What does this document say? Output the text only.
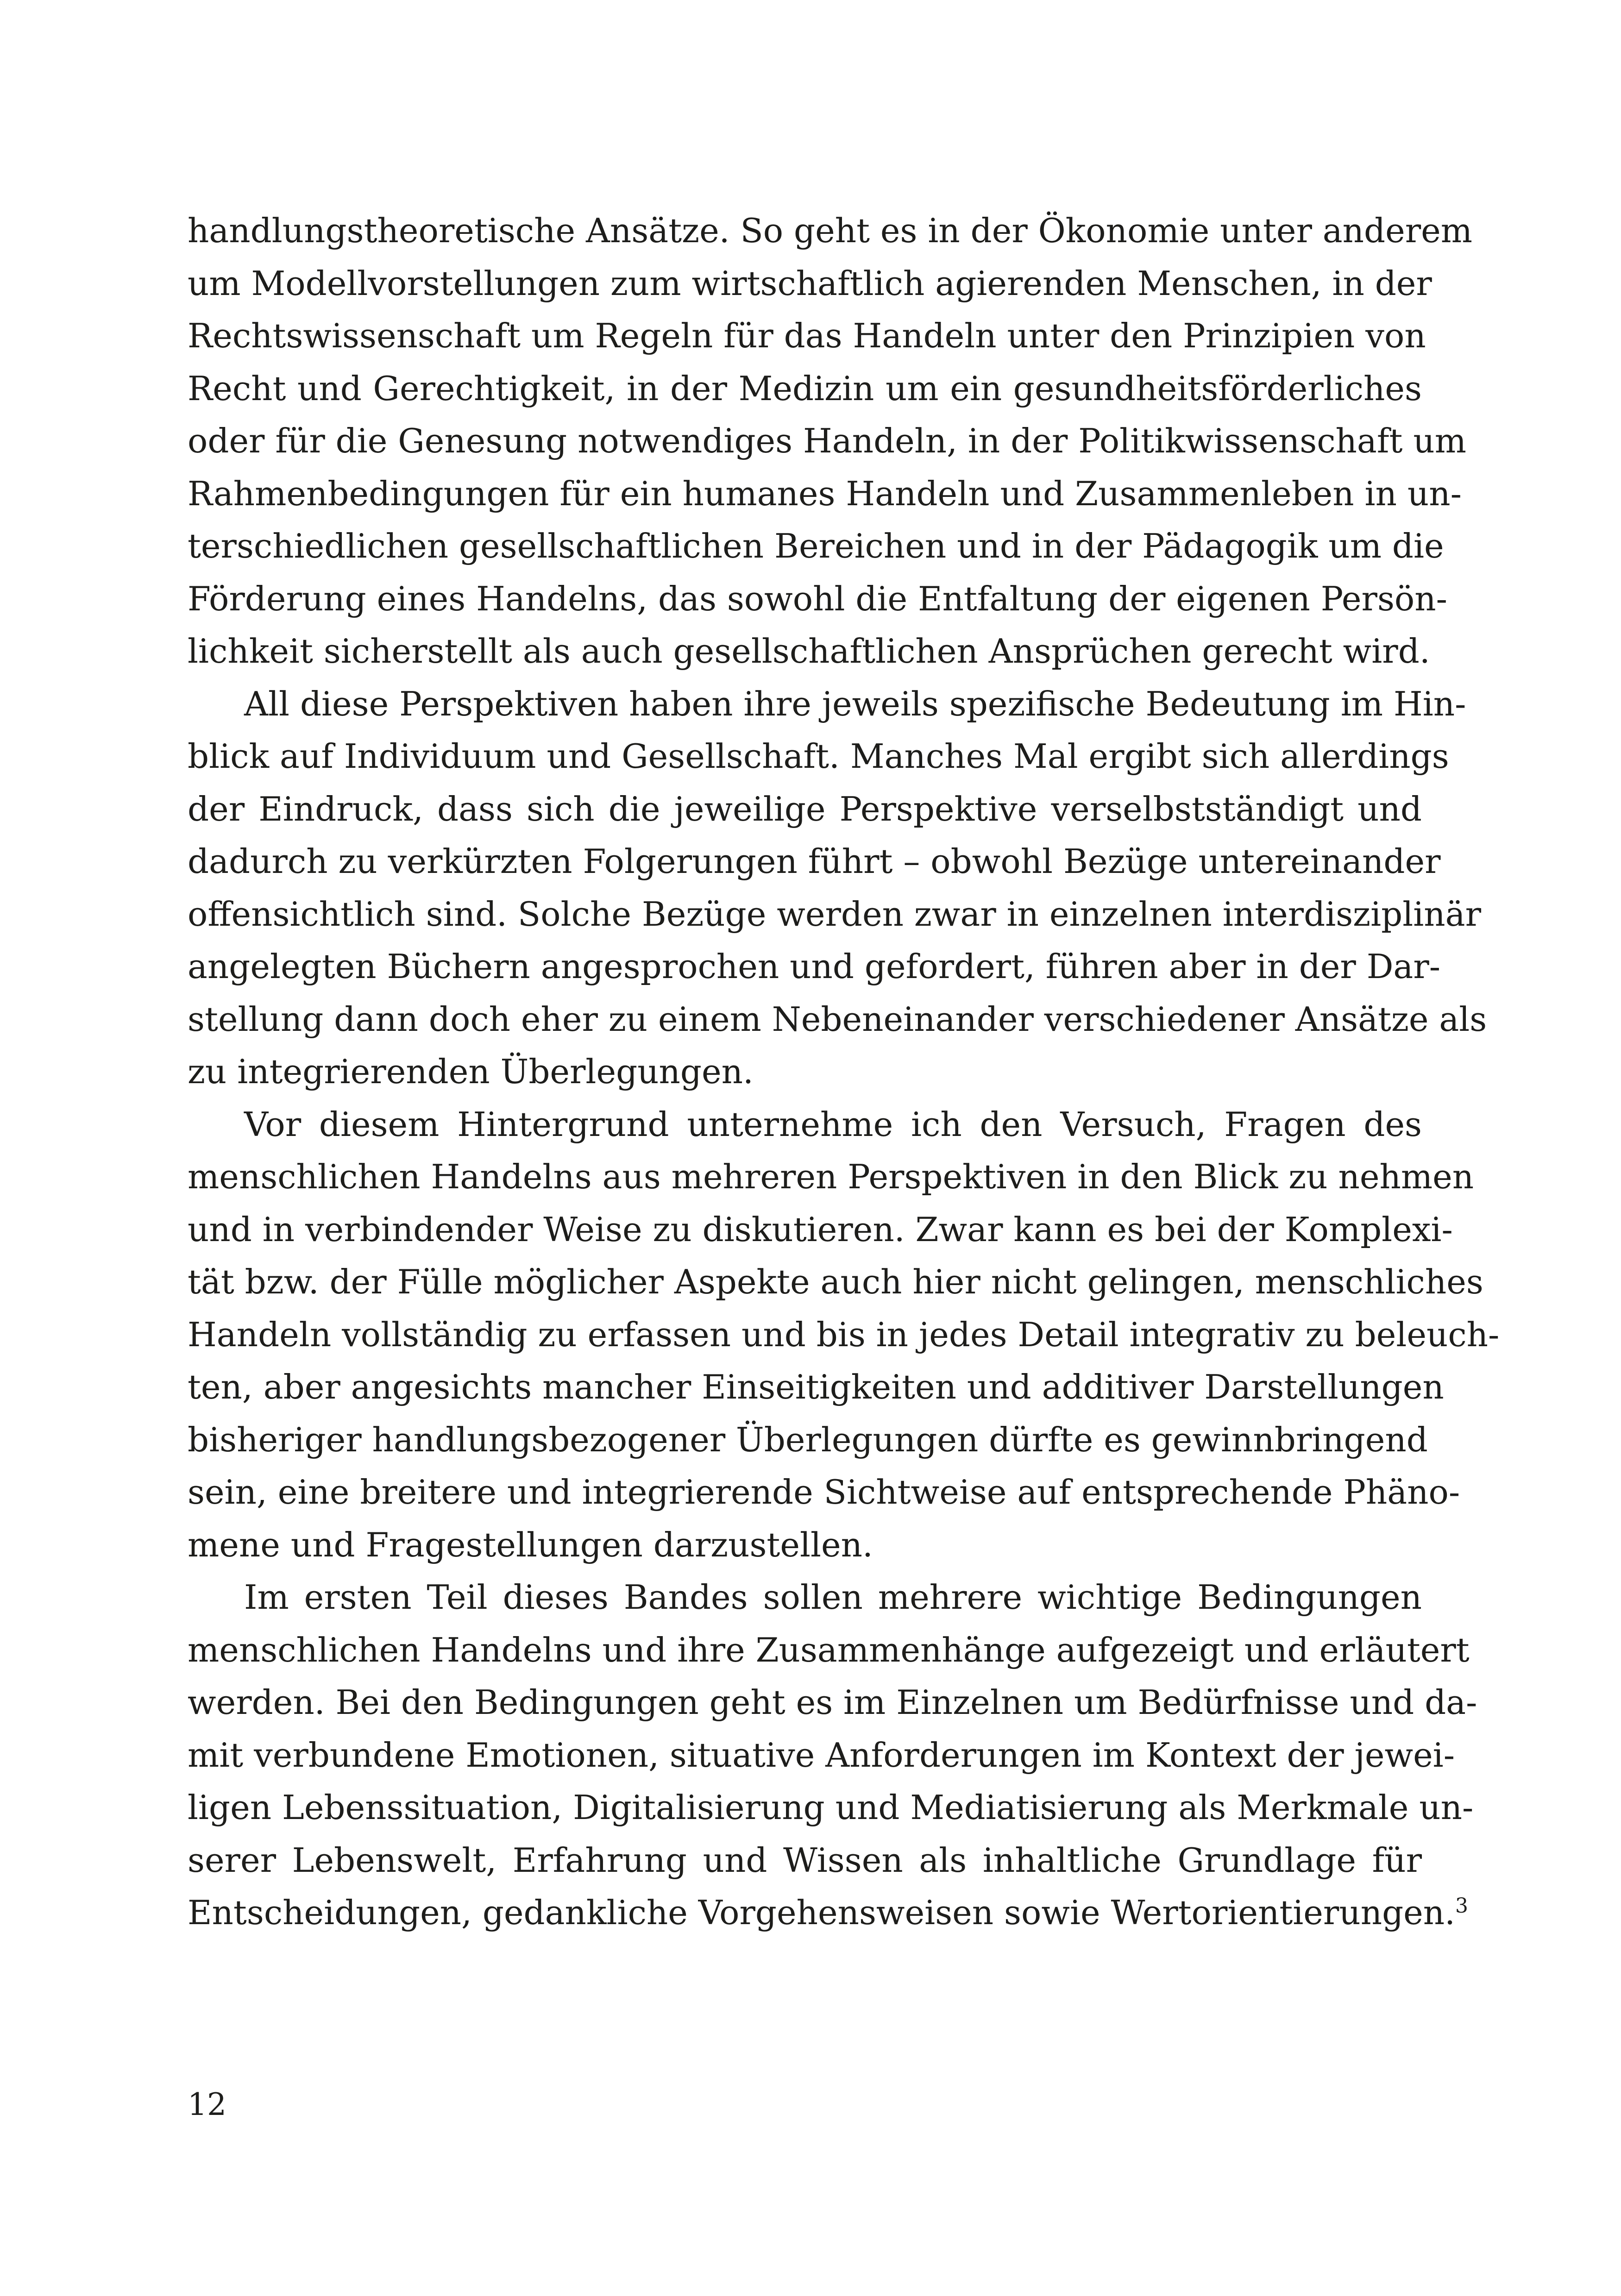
handlungstheoretische Ansätze. So geht es in der Ökonomie unter anderem
um Modellvorstellungen zum wirtschaftlich agierenden Menschen, in der
Rechtswissenschaft um Regeln für das Handeln unter den Prinzipien von
Recht und Gerechtigkeit, in der Medizin um ein gesundheitsförderliches
oder für die Genesung notwendiges Handeln, in der Politikwissenschaft um
Rahmenbedingungen für ein humanes Handeln und Zusammenleben in un-
terschiedlichen gesellschaftlichen Bereichen und in der Pädagogik um die
Förderung eines Handelns, das sowohl die Entfaltung der eigenen Persön-
lichkeit sicherstellt als auch gesellschaftlichen Ansprüchen gerecht wird.
All diese Perspektiven haben ihre jeweils spezifische Bedeutung im Hin-
blick auf Individuum und Gesellschaft. Manches Mal ergibt sich allerdings
der Eindruck, dass sich die jeweilige Perspektive verselbstständigt und
dadurch zu verkürzten Folgerungen führt – obwohl Bezüge untereinander
offensichtlich sind. Solche Bezüge werden zwar in einzelnen interdisziplinär
angelegten Büchern angesprochen und gefordert, führen aber in der Dar-
stellung dann doch eher zu einem Nebeneinander verschiedener Ansätze als
zu integrierenden Überlegungen.
Vor diesem Hintergrund unternehme ich den Versuch, Fragen des
menschlichen Handelns aus mehreren Perspektiven in den Blick zu nehmen
und in verbindender Weise zu diskutieren. Zwar kann es bei der Komplexi-
tät bzw. der Fülle möglicher Aspekte auch hier nicht gelingen, menschliches
Handeln vollständig zu erfassen und bis in jedes Detail integrativ zu beleuch-
ten, aber angesichts mancher Einseitigkeiten und additiver Darstellungen
bisheriger handlungsbezogener Überlegungen dürfte es gewinnbringend
sein, eine breitere und integrierende Sichtweise auf entsprechende Phäno-
mene und Fragestellungen darzustellen.
Im ersten Teil dieses Bandes sollen mehrere wichtige Bedingungen
menschlichen Handelns und ihre Zusammenhänge aufgezeigt und erläutert
werden. Bei den Bedingungen geht es im Einzelnen um Bedürfnisse und da-
mit verbundene Emotionen, situative Anforderungen im Kontext der jewei-
ligen Lebenssituation, Digitalisierung und Mediatisierung als Merkmale un-
serer Lebenswelt, Erfahrung und Wissen als inhaltliche Grundlage für
Entscheidungen, gedankliche Vorgehensweisen sowie Wertorientierungen.$^3$
12
